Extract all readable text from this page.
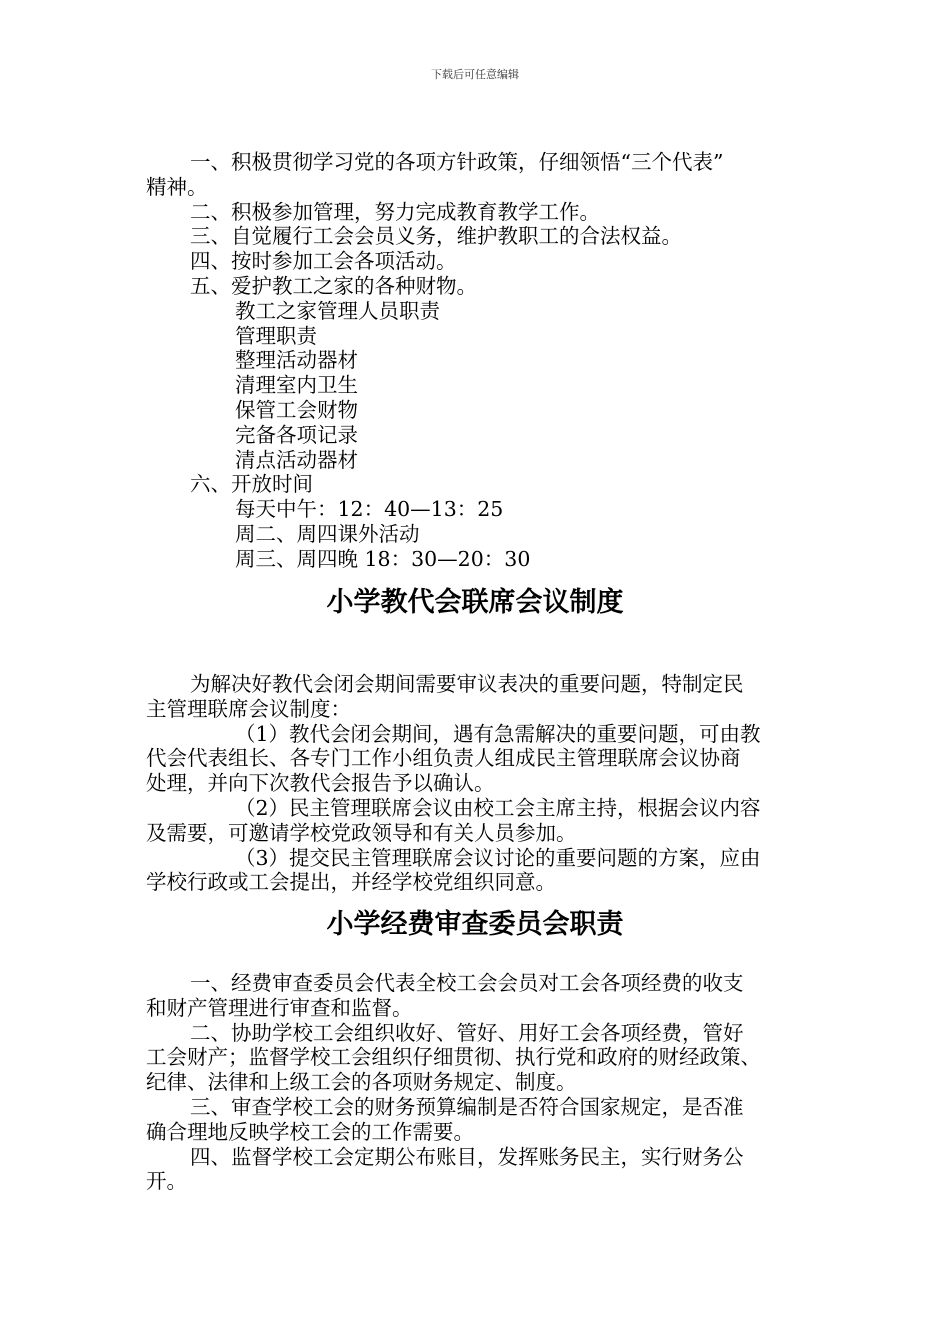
下载后可任意编辑
一、积极贯彻学习党的各项方针政策，仔细领悟“三个代表”
精神。
二、积极参加管理，努力完成教育教学工作。
三、自觉履行工会会员义务，维护教职工的合法权益。
四、按时参加工会各项活动。
五、爱护教工之家的各种财物。
教工之家管理人员职责
管理职责
整理活动器材
清理室内卫生
保管工会财物
完备各项记录
清点活动器材
六、开放时间
每天中午：12：40—13：25
周二、周四课外活动
周三、周四晚 18：30—20：30
小学教代会联席会议制度
为解决好教代会闭会期间需要审议表决的重要问题，特制定民
主管理联席会议制度：
（1）教代会闭会期间，遇有急需解决的重要问题，可由教
代会代表组长、各专门工作小组负责人组成民主管理联席会议协商
处理，并向下次教代会报告予以确认。
（2）民主管理联席会议由校工会主席主持，根据会议内容
及需要，可邀请学校党政领导和有关人员参加。
（3）提交民主管理联席会议讨论的重要问题的方案，应由
学校行政或工会提出，并经学校党组织同意。
小学经费审查委员会职责
一、经费审查委员会代表全校工会会员对工会各项经费的收支
和财产管理进行审查和监督。
二、协助学校工会组织收好、管好、用好工会各项经费，管好
工会财产；监督学校工会组织仔细贯彻、执行党和政府的财经政策、
纪律、法律和上级工会的各项财务规定、制度。
三、审查学校工会的财务预算编制是否符合国家规定，是否准
确合理地反映学校工会的工作需要。
四、监督学校工会定期公布账目，发挥账务民主，实行财务公
开。
